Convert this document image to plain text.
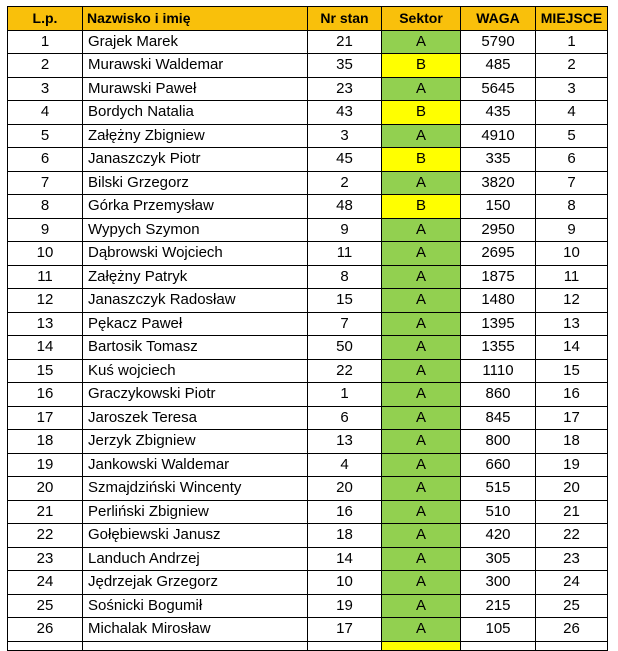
L.p.	Nazwisko i imię	Nr stan	Sektor	WAGA	MIEJSCE
1	Grajek Marek	21	A	5790	1
2	Murawski Waldemar	35	B	485	2
3	Murawski Paweł	23	A	5645	3
4	Bordych Natalia	43	B	435	4
5	Załężny Zbigniew	3	A	4910	5
6	Janaszczyk Piotr	45	B	335	6
7	Bilski Grzegorz	2	A	3820	7
8	Górka Przemysław	48	B	150	8
9	Wypych Szymon	9	A	2950	9
10	Dąbrowski Wojciech	11	A	2695	10
11	Załężny Patryk	8	A	1875	11
12	Janaszczyk Radosław	15	A	1480	12
13	Pękacz Paweł	7	A	1395	13
14	Bartosik Tomasz	50	A	1355	14
15	Kuś wojciech	22	A	1110	15
16	Graczykowski Piotr	1	A	860	16
17	Jaroszek Teresa	6	A	845	17
18	Jerzyk Zbigniew	13	A	800	18
19	Jankowski Waldemar	4	A	660	19
20	Szmajdziński Wincenty	20	A	515	20
21	Perliński Zbigniew	16	A	510	21
22	Gołębiewski Janusz	18	A	420	22
23	Landuch Andrzej	14	A	305	23
24	Jędrzejak Grzegorz	10	A	300	24
25	Sośnicki Bogumił	19	A	215	25
26	Michalak Mirosław	17	A	105	26
